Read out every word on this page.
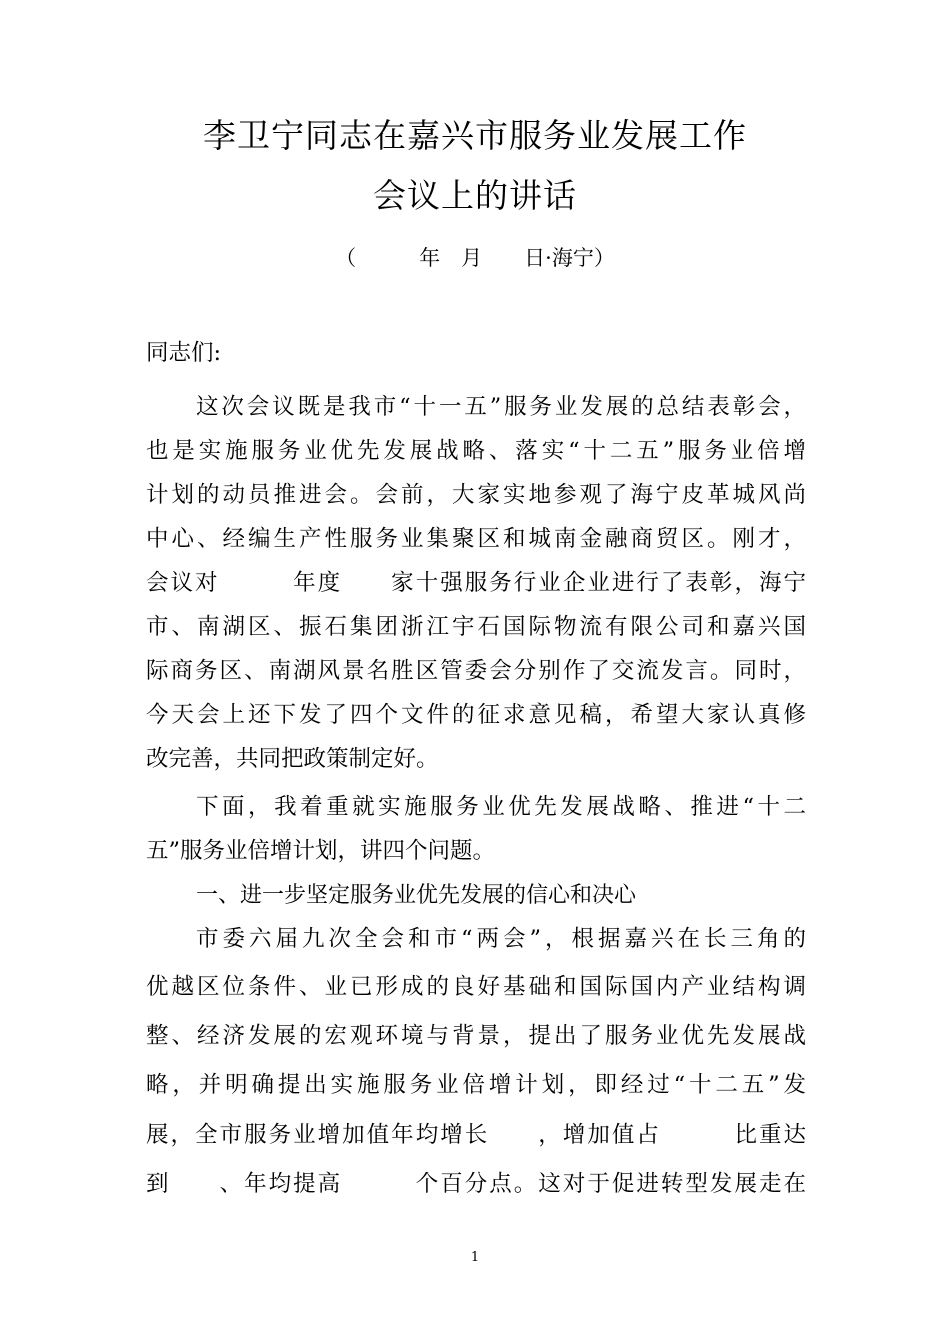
李卫宁同志在嘉兴市服务业发展工作
会议上的讲话
（　　　年　月　　日·海宁）
同志们:
这次会议既是我市“十一五”服务业发展的总结表彰会，
也是实施服务业优先发展战略、落实“十二五”服务业倍增
计划的动员推进会。会前，大家实地参观了海宁皮革城风尚
中心、经编生产性服务业集聚区和城南金融商贸区。刚才，
会议对　　　年度　　家十强服务行业企业进行了表彰，海宁
市、南湖区、振石集团浙江宇石国际物流有限公司和嘉兴国
际商务区、南湖风景名胜区管委会分别作了交流发言。同时，
今天会上还下发了四个文件的征求意见稿，希望大家认真修
改完善，共同把政策制定好。
下面，我着重就实施服务业优先发展战略、推进“十二
五”服务业倍增计划，讲四个问题。
一、进一步坚定服务业优先发展的信心和决心
市委六届九次全会和市“两会”，根据嘉兴在长三角的
优越区位条件、业已形成的良好基础和国际国内产业结构调
整、经济发展的宏观环境与背景，提出了服务业优先发展战
略，并明确提出实施服务业倍增计划，即经过“十二五”发
展，全市服务业增加值年均增长　　，增加值占　　　比重达
到　　、年均提高　　　个百分点。这对于促进转型发展走在
1
